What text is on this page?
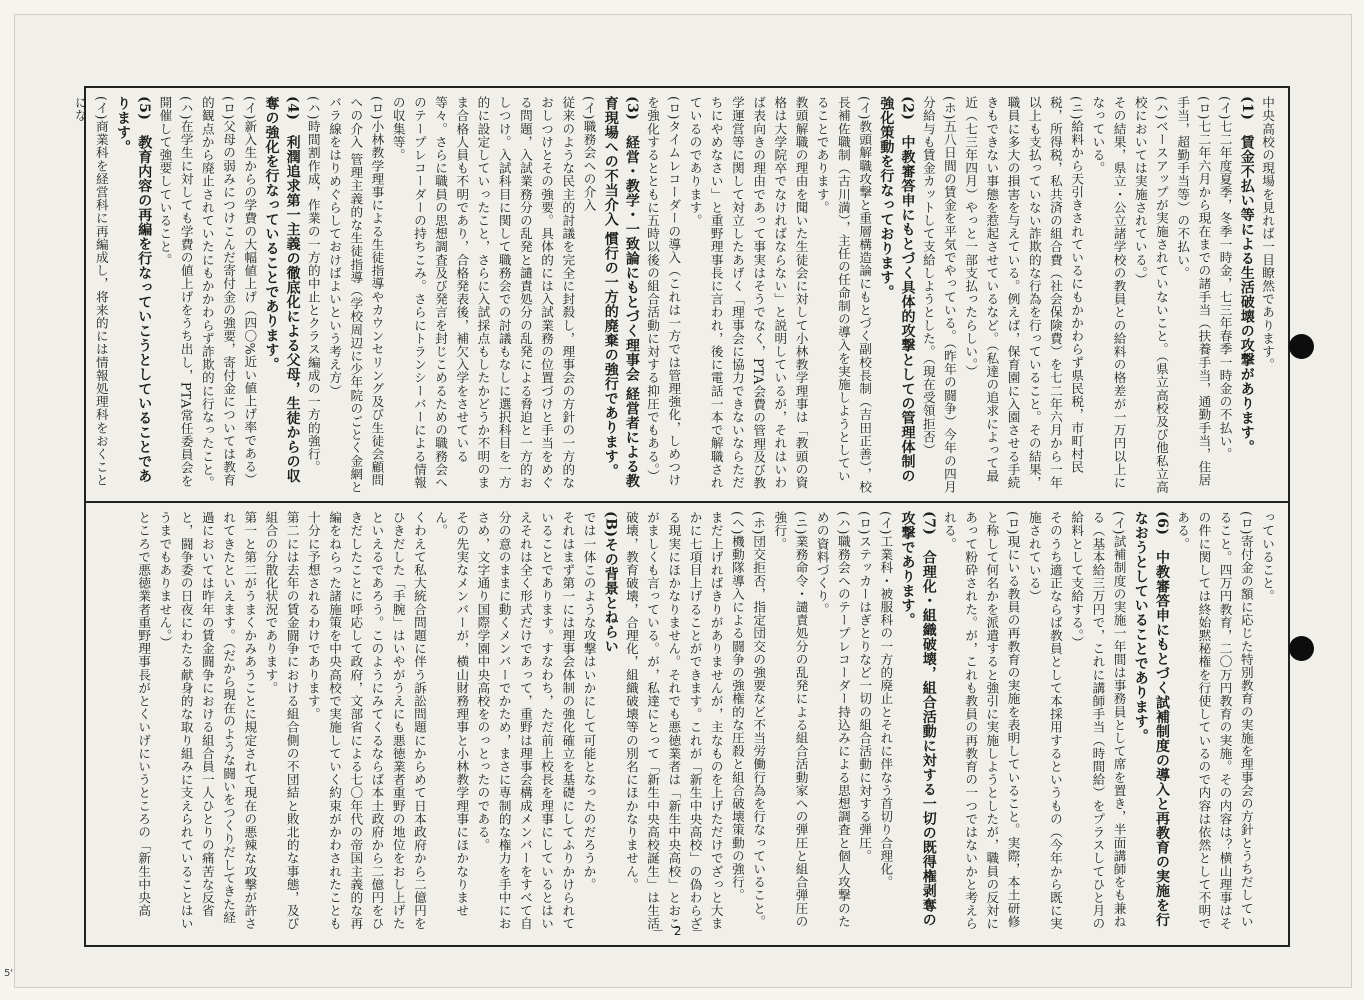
中央高校の現場を見れば一目瞭然であります。

(1)　賃金不払い等による生活破壊の攻撃があります。

(イ)七二年度夏季，冬季一時金，七三年春季一時金の不払い。

(ロ)七二年六月から現在までの諸手当（扶養手当，通勤手当，住居手当，超勤手当等）の不払い。

(ハ)ベースアップが実施されていないこと。（県立高校及び他私立高校においては実施されている。）

その結果，県立・公立諸学校の教員との給料の格差が一万円以上になっている。

(ニ)給料から天引きされているにもかかわらず県民税，市町村民税，所得税，私共済の組合費（社会保険費）を七二年六月から一年以上も支払っていない詐欺的な行為を行っていること。その結果，職員に多大の損害を与えている。例えば，保育園に入園させる手続きもできない事態を惹起させているなど。（私達の追求によって最近（七三年四月）やっと一部支払ったらしい。）

(ホ)五八日間の賃金を平気でやっている。（昨年の闘争）今年の四月分給与も賃金カットして支給しようとした。（現在受領拒否）

(2)　中教審答申にもとづく具体的攻撃としての管理体制の強化策動を行なっております。

(イ)教頭解職攻撃と重層構造論にもとづく副校長制（吉田正善），校長補佐職制（古川満），主任の任命制の導入を実施しようとしていることであります。

教頭解職の理由を聞いた生徒会に対して小林教学理事は「教頭の資格は大学院卒でなければならない」と説明しているが，それはいわば表向きの理由であって事実はそうでなく，PTA会費の管理及び教学運営等に関して対立したあげく「理事会に協力できないならただちにやめなさい」と重野理事長に言われ，後に電話一本で解職されているのであります。

(ロ)タイムレコーダーの導入（これは一方では管理強化，しめつけを強化するとともに五時以後の組合活動に対する抑圧でもある。）

(3)　経営・教学・一致論にもとづく理事会 経営者による教育現場への不当介入 慣行の一方的廃棄の強行であります。

(イ)職務会への介入

従来のような民主的討議を完全に封殺し，理事会の方針の一方的なおしつけとその強要。具体的には入試業務の位置づけと手当をめぐる問題，入試業務分の乱発と譴責処分の乱発による脅迫と一方的おしつけ。入試科目に関して職務会での討議もなしに選択科目を一方的に設定していったこと，さらに入試採点もしたかどうか不明のまま合格人員も不明であり，合格発表後，補欠入学をさせている等々。さらに職員の思想調査及び発言を封じこめるための職務会へのテープレコーダーの持ちこみ。さらにトランシーバーによる情報の収集等。

(ロ)小林教学理事による生徒指導やカウンセリング及び生徒会顧問への介入 管理主義的な生徒指導（学校周辺に少年院のごとく金網とバラ線をはりめぐらしておけばよいという考え方）

(ハ)時間割作成，作業の一方的中止とクラス編成の一方的強行。

(4)　利潤追求第一主義の徹底化による父母，生徒からの収奪の強化を行なっていることであります。

(イ)新入生からの学費の大幅値上げ（四〇%近い値上げ率である）

(ロ)父母の弱みにつけこんだ寄付金の強要，寄付金については教育的観点から廃止されていたにもかかわらず詐欺的に行なったこと。

(ハ)在学生に対しても学費の値上げをうち出し，PTA常任委員会を開催して強要していること。

(5)　教育内容の再編を行なっていこうとしていることであります。

(イ)商業科を経営科に再編成し，将来的には情報処理科をおくことにな

っていること。

(ロ)寄付金の額に応じた特別教育の実施を理事会の方針とうちだしていること。四万円教育，二〇万円教育の実施。その内容は？横山理事はその件に関しては終始黙秘権を行使しているので内容は依然として不明である。

(6)　中教審答申にもとづく試補制度の導入と再教育の実施を行なおうとしていることであります。

(イ)試補制度の実施一年間は事務員として席を置き，半面講師をも兼ねる（基本給三万円で，これに講師手当（時間給）をプラスしてひと月の給料として支給する。）

そのうち適正ならば教員として本採用するというもの（今年から既に実施されている）

(ロ)現にいる教員の再教育の実施を表明していること。実際，本土研修と称して何名かを派遣すると強引に実施しようとしたが，職員の反対にあって粉砕された。が，これも教員の再教育の一つではないかと考えられる。

(7)　合理化・組織破壊，組合活動に対する一切の既得権剥奪の攻撃であります。

(イ)工業科・被服科の一方的廃止とそれに伴なう首切り合理化。

(ロ)ステッカーはぎとりなど一切の組合活動に対する弾圧。

(ハ)職務会へのテープレコーダー持込みによる思想調査と個人攻撃のための資料づくり。

(ニ)業務命令・譴責処分の乱発による組合活動家への弾圧と組合弾圧の強行。

(ホ)団交拒否，指定団交の強要など不当労働行為を行なっていること。

(ヘ)機動隊導入による闘争の強権的な圧殺と組合破壊策動の強行。

まだ上げればきりがありませんが，主なものを上げただけでざっと大まかに七項目上げることができます。これが「新生中央高校」の偽わらざる現実にほかなりません。それでも悪徳業者は「新生中央高校」とおこがましくも言っている。が，私達にとって「新生中央高校誕生」は生活破壊，教育破壊，合理化，組織破壊等の別名にほかなりません。

(B)その背景とねらい

では一体このような攻撃はいかにして可能となったのだろうか。

それはまず第一には理事会体制の強化確立を基礎にしてふりかけられていることであります。すなわち，ただ前上校長を理事にしているとはいえそれは全く形式だけであって，重野は理事会構成メンバーをすべて自分の意のままに動くメンバーでかため，まさに専制的な権力を手中におさめ，文字通り国際学園中央高校をのっとったのである。

その先実なメンバーが，横山財務理事と小林教学理事にほかなりません。

くわえて私大統合問題に伴う訴訟問題にからめて日本政府から二億円をひきだした「手腕」はいやがうえにも悪徳業者重野の地位をおし上げたといえるであろう。このようにみてくるならば本土政府から二億円をひきだしたことに呼応して政府，文部省による七〇年代の帝国主義的な再編をねらった諸施策を中央高校で実施していく約束がかわされたことも十分に予想されるわけであります。

第二には去年の賃金闘争における組合側の不団結と敗北的な事態，及び組合の分散化状況であります。

第一と第二がうまくかみあうことに規定されて現在の悪辣な攻撃が許されてきたといえます。（だから現在のような闘いをつくりだしてきた経過においては昨年の賃金闘争における組合員一人ひとりの痛苦な反省と，闘争委の日夜にわたる献身的な取り組みに支えられていることはいうまでもありません。）

ところで悪徳業者重野理事長がとくいげにいうところの「新生中央高

－ 2 －
5'
